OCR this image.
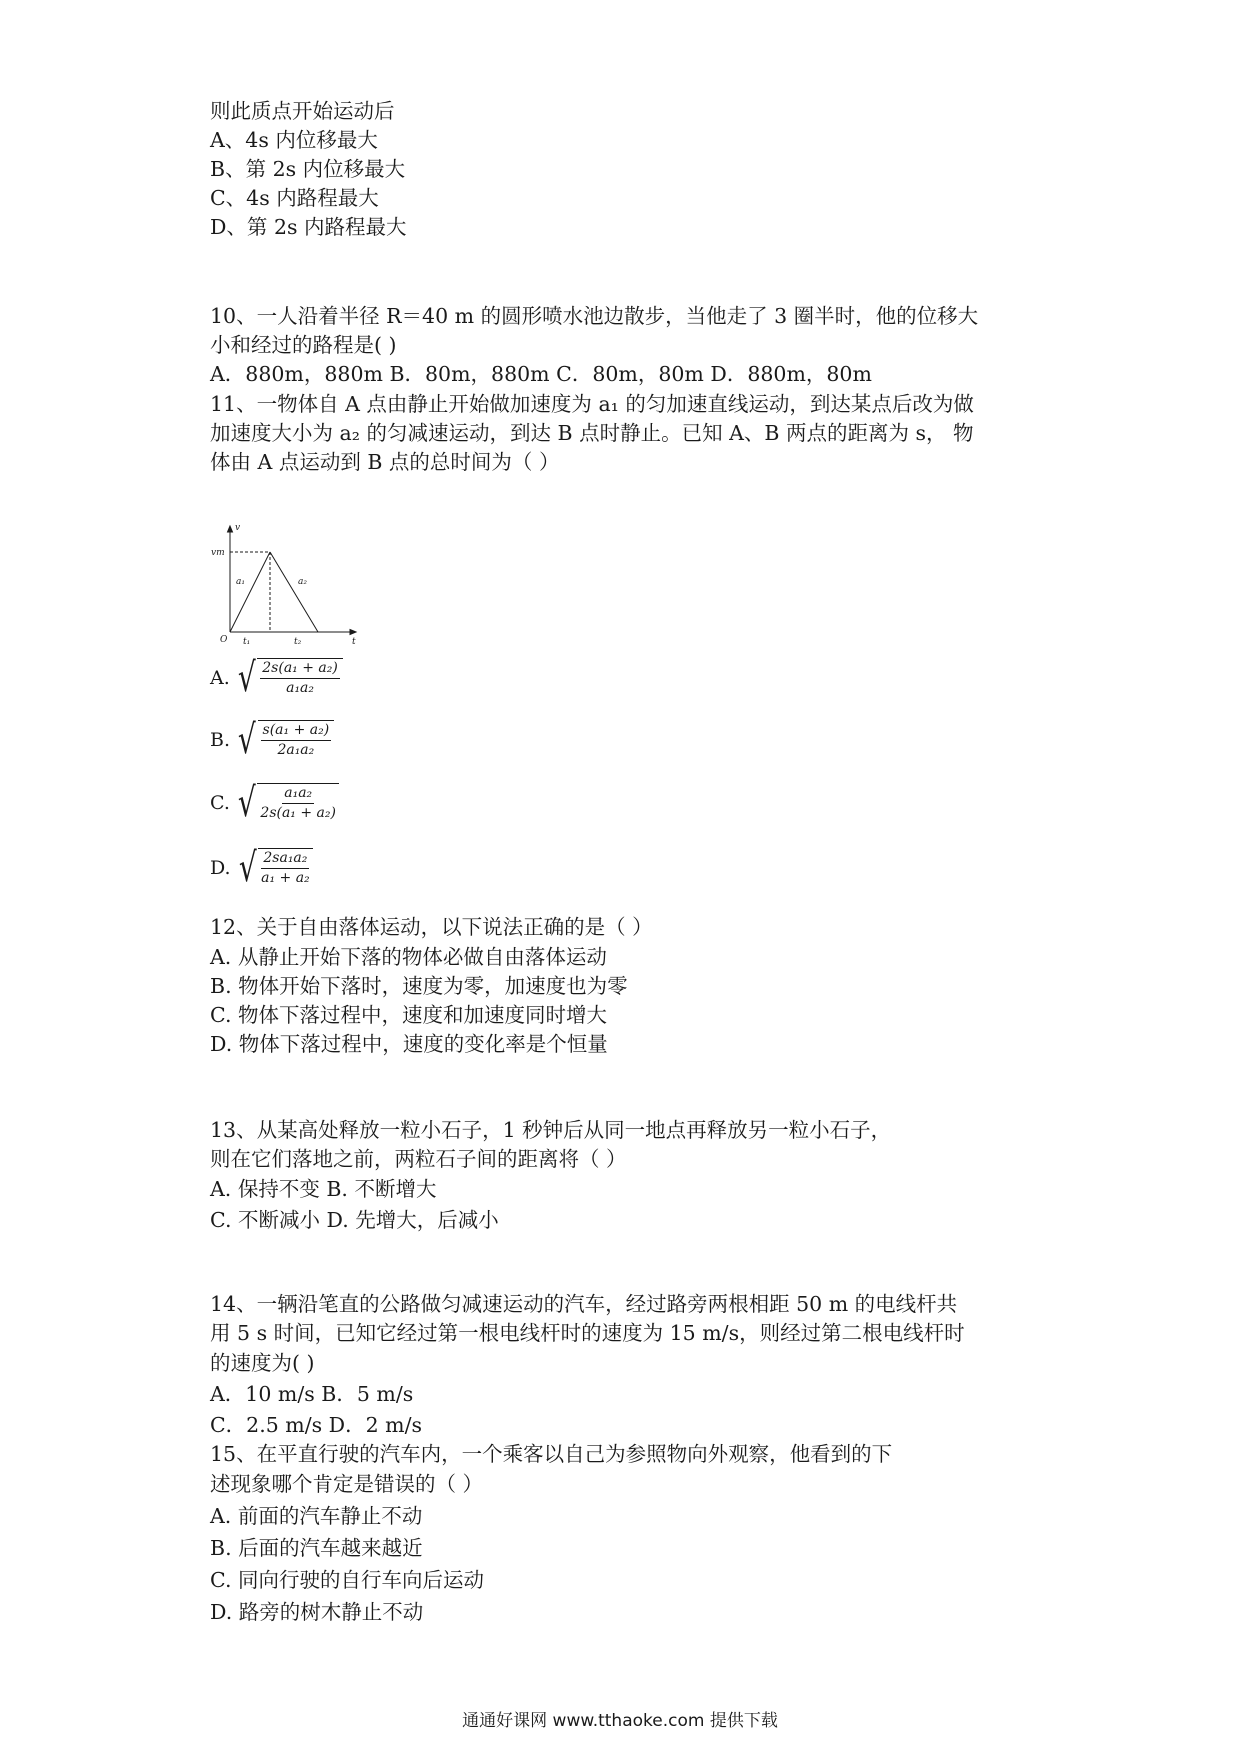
则此质点开始运动后
A、4s 内位移最大
B、第 2s 内位移最大
C、4s 内路程最大
D、第 2s 内路程最大
10、一人沿着半径 R＝40 m 的圆形喷水池边散步，当他走了 3 圈半时，他的位移大
小和经过的路程是( )
A．880m，880m B．80m，880m C．80m，80m D．880m，80m
11、一物体自 A 点由静止开始做加速度为 a₁ 的匀加速直线运动，到达某点后改为做
加速度大小为 a₂ 的匀减速运动，到达 B 点时静止。已知 A、B 两点的距离为 s， 物
体由 A 点运动到 B 点的总时间为（ ）
v
t
O
vm
a₁	a₂
t₁	t₂
A. √ $\frac{\text{2s(a₁ + a₂)}}{\text{a₁a₂}}$
B. √ $\frac{\text{s(a₁ + a₂)}}{\text{2a₁a₂}}$
C. √ $\frac{\text{a₁a₂}}{\text{2s(a₁ + a₂)}}$
D. √ $\frac{\text{2sa₁a₂}}{\text{a₁ + a₂}}$
12、关于自由落体运动，以下说法正确的是（ ）
A. 从静止开始下落的物体必做自由落体运动
B. 物体开始下落时，速度为零，加速度也为零
C. 物体下落过程中，速度和加速度同时增大
D. 物体下落过程中，速度的变化率是个恒量
13、从某高处释放一粒小石子，1 秒钟后从同一地点再释放另一粒小石子，
则在它们落地之前，两粒石子间的距离将（ ）
A. 保持不变 B. 不断增大
C. 不断减小 D. 先增大，后减小
14、一辆沿笔直的公路做匀减速运动的汽车，经过路旁两根相距 50 m 的电线杆共
用 5 s 时间，已知它经过第一根电线杆时的速度为 15 m/s，则经过第二根电线杆时
的速度为( )
A．10 m/s B．5 m/s
C．2.5 m/s D．2 m/s
15、在平直行驶的汽车内，一个乘客以自己为参照物向外观察，他看到的下
述现象哪个肯定是错误的（ ）
A. 前面的汽车静止不动
B. 后面的汽车越来越近
C. 同向行驶的自行车向后运动
D. 路旁的树木静止不动
通通好课网 www.tthaoke.com 提供下载
